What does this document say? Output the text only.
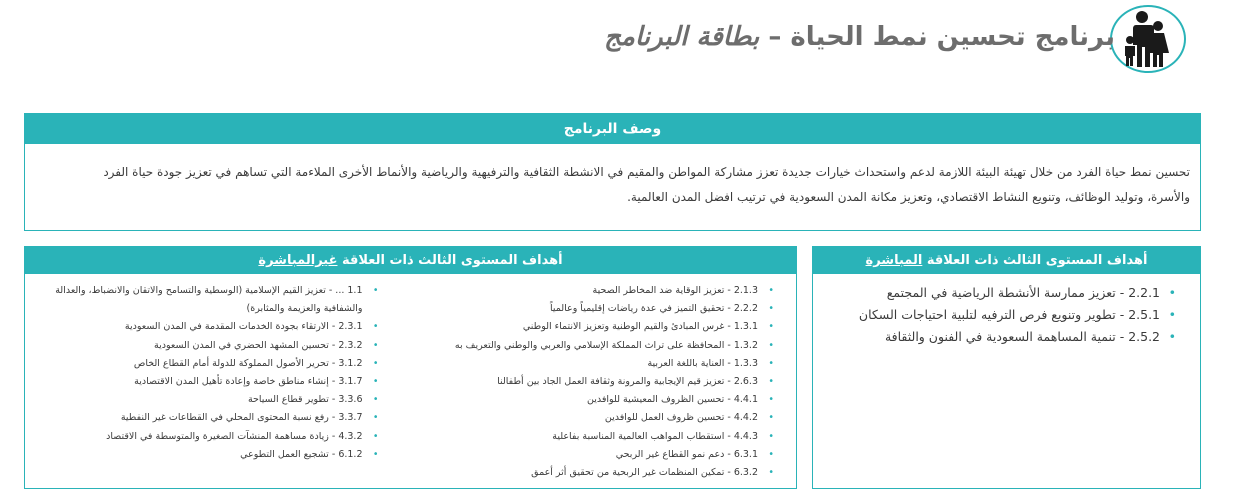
برنامج تحسين نمط الحياة – بطاقة البرنامج
وصف البرنامج
تحسين نمط حياة الفرد من خلال تهيئة البيئة اللازمة لدعم واستحداث خيارات جديدة تعزز مشاركة المواطن والمقيم في الانشطة الثقافية والترفيهية والرياضية والأنماط الأخرى الملاءمة التي تساهم في تعزيز جودة حياة الفرد
والأسرة، وتوليد الوظائف، وتنويع النشاط الاقتصادي، وتعزيز مكانة المدن السعودية في ترتيب افضل المدن العالمية.
أهداف المستوى الثالث ذات العلاقة المباشرة
• 2.2.1 - تعزيز ممارسة الأنشطة الرياضية في المجتمع
• 2.5.1 - تطوير وتنويع فرص الترفيه لتلبية احتياجات السكان
• 2.5.2 - تنمية المساهمة السعودية في الفنون والثقافة
أهداف المستوى الثالث ذات العلاقة غيرالمباشرة
• 2.1.3 - تعزيز الوقاية ضد المخاطر الصحية
• 2.2.2 - تحقيق التميز في عدة رياضات إقليمياً وعالمياً
• 1.3.1 - غرس المبادئ والقيم الوطنية وتعزيز الانتماء الوطني
• 1.3.2 - المحافظة على تراث المملكة الإسلامي والعربي والوطني والتعريف به
• 1.3.3 - العناية باللغة العربية
• 2.6.3 - تعزيز قيم الإيجابية والمرونة وثقافة العمل الجاد بين أطفالنا
• 4.4.1 - تحسين الظروف المعيشية للوافدين
• 4.4.2 - تحسين ظروف العمل للوافدين
• 4.4.3 - استقطاب المواهب العالمية المناسبة بفاعلية
• 6.3.1 - دعم نمو القطاع غير الربحي
• 6.3.2 - تمكين المنظمات غير الربحية من تحقيق أثر أعمق
• 1.1 ... - تعزيز القيم الإسلامية (الوسطية والتسامح والاتقان والانضباط، والعدالة
والشفافية والعزيمة والمثابرة)
• 2.3.1 - الارتقاء بجودة الخدمات المقدمة في المدن السعودية
• 2.3.2 - تحسين المشهد الحضري في المدن السعودية
• 3.1.2 - تحرير الأصول المملوكة للدولة أمام القطاع الخاص
• 3.1.7 - إنشاء مناطق خاصة وإعادة تأهيل المدن الاقتصادية
• 3.3.6 - تطوير قطاع السياحة
• 3.3.7 - رفع نسبة المحتوى المحلي في القطاعات غير النفطية
• 4.3.2 - زيادة مساهمة المنشآت الصغيرة والمتوسطة في الاقتصاد
• 6.1.2 - تشجيع العمل التطوعي
